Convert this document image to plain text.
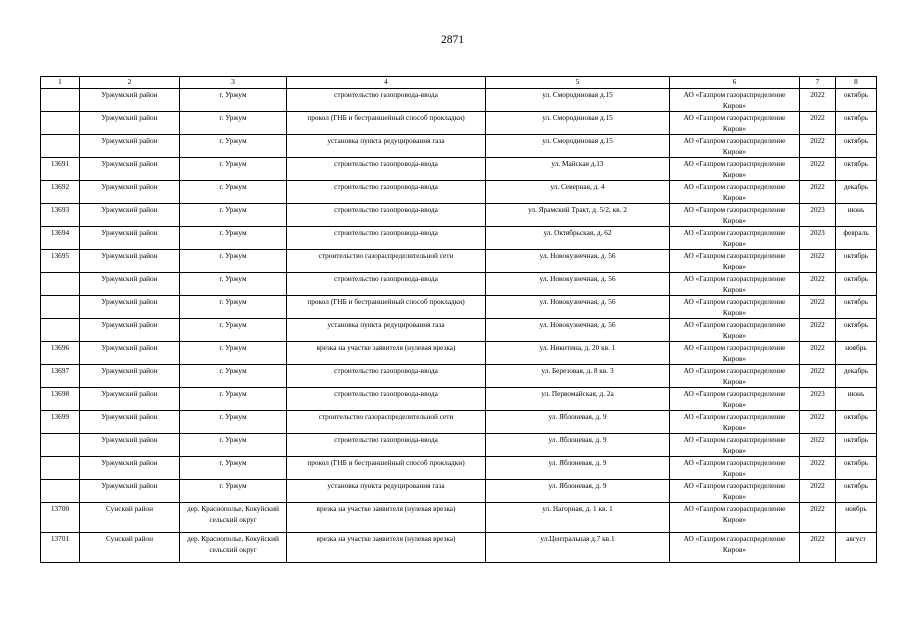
2871
1	2	3	4	5	6	7	8
	Уржумский район	г. Уржум	строительство газопровода-ввода	ул. Смородиновая д.15	АО «Газпром газораспределение Киров»	2022	октябрь
	Уржумский район	г. Уржум	прокол (ГНБ и бестраншейный способ прокладки)	ул. Смородиновая д.15	АО «Газпром газораспределение Киров»	2022	октябрь
	Уржумский район	г. Уржум	установка пункта редуцирования газа	ул. Смородиновая д.15	АО «Газпром газораспределение Киров»	2022	октябрь
13691	Уржумский район	г. Уржум	строительство газопровода-ввода	ул. Майская д.13	АО «Газпром газораспределение Киров»	2022	октябрь
13692	Уржумский район	г. Уржум	строительство газопровода-ввода	ул. Северная, д. 4	АО «Газпром газораспределение Киров»	2022	декабрь
13693	Уржумский район	г. Уржум	строительство газопровода-ввода	ул. Ярамский Тракт, д. 5/2, кв. 2	АО «Газпром газораспределение Киров»	2023	июнь
13694	Уржумский район	г. Уржум	строительство газопровода-ввода	ул. Октябрьская, д. 62	АО «Газпром газораспределение Киров»	2023	февраль
13695	Уржумский район	г. Уржум	строительство газораспределительной сети	ул. Новокузнечная, д. 56	АО «Газпром газораспределение Киров»	2022	октябрь
	Уржумский район	г. Уржум	строительство газопровода-ввода	ул. Новокузнечная, д. 56	АО «Газпром газораспределение Киров»	2022	октябрь
	Уржумский район	г. Уржум	прокол (ГНБ и бестраншейный способ прокладки)	ул. Новокузнечная, д. 56	АО «Газпром газораспределение Киров»	2022	октябрь
	Уржумский район	г. Уржум	установка пункта редуцирования газа	ул. Новокузнечная, д. 56	АО «Газпром газораспределение Киров»	2022	октябрь
13696	Уржумский район	г. Уржум	врезка на участке заявителя (нулевая врезка)	ул. Никитина, д. 20 кв. 1	АО «Газпром газораспределение Киров»	2022	ноябрь
13697	Уржумский район	г. Уржум	строительство газопровода-ввода	ул. Березовая, д. 8 кв. 3	АО «Газпром газораспределение Киров»	2022	декабрь
13698	Уржумский район	г. Уржум	строительство газопровода-ввода	ул. Первомайская, д. 2а	АО «Газпром газораспределение Киров»	2023	июнь
13699	Уржумский район	г. Уржум	строительство газораспределительной сети	ул. Яблоневая, д. 9	АО «Газпром газораспределение Киров»	2022	октябрь
	Уржумский район	г. Уржум	строительство газопровода-ввода	ул. Яблоневая, д. 9	АО «Газпром газораспределение Киров»	2022	октябрь
	Уржумский район	г. Уржум	прокол (ГНБ и бестраншейный способ прокладки)	ул. Яблоневая, д. 9	АО «Газпром газораспределение Киров»	2022	октябрь
	Уржумский район	г. Уржум	установка пункта редуцирования газа	ул. Яблоневая, д. 9	АО «Газпром газораспределение Киров»	2022	октябрь
13700	Сунский район	дер. Краснополье, Кокуйский сельский округ	врезка на участке заявителя (нулевая врезка)	ул. Нагорная, д. 1 кв. 1	АО «Газпром газораспределение Киров»	2022	ноябрь
13701	Сунский район	дер. Краснополье, Кокуйский сельский округ	врезка на участке заявителя (нулевая врезка)	ул.Центральная д.7 кв.1	АО «Газпром газораспределение Киров»	2022	август
